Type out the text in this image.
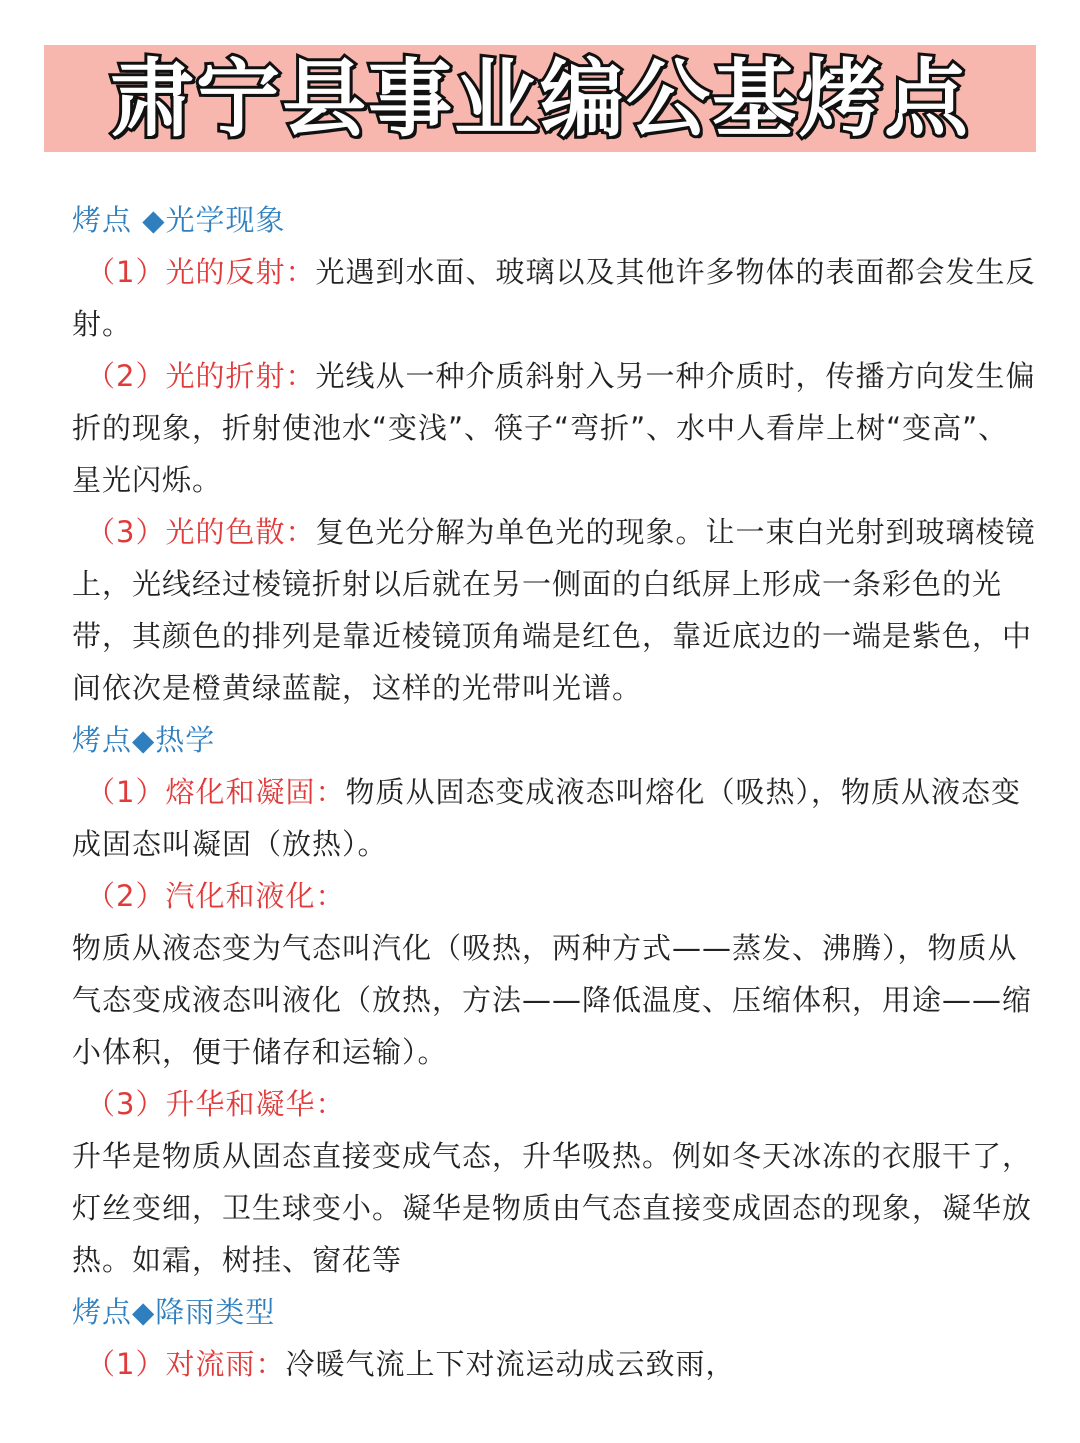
肃宁县事业编公基烤点

烤点 ◆光学现象

（1）光的反射：光遇到水面、玻璃以及其他许多物体的表面都会发生反射。

（2）光的折射：光线从一种介质斜射入另一种介质时，传播方向发生偏折的现象，折射使池水“变浅”、筷子“弯折”、水中人看岸上树“变高”、星光闪烁。

（3）光的色散：复色光分解为单色光的现象。让一束白光射到玻璃棱镜上，光线经过棱镜折射以后就在另一侧面的白纸屏上形成一条彩色的光带，其颜色的排列是靠近棱镜顶角端是红色，靠近底边的一端是紫色，中间依次是橙黄绿蓝靛，这样的光带叫光谱。

烤点◆热学

（1）熔化和凝固：物质从固态变成液态叫熔化（吸热），物质从液态变成固态叫凝固（放热）。

（2）汽化和液化：

物质从液态变为气态叫汽化（吸热，两种方式——蒸发、沸腾），物质从气态变成液态叫液化（放热，方法——降低温度、压缩体积，用途——缩小体积，便于储存和运输）。

（3）升华和凝华：

升华是物质从固态直接变成气态，升华吸热。例如冬天冰冻的衣服干了，灯丝变细，卫生球变小。凝华是物质由气态直接变成固态的现象，凝华放热。如霜，树挂、窗花等

烤点◆降雨类型

（1）对流雨：冷暖气流上下对流运动成云致雨，
